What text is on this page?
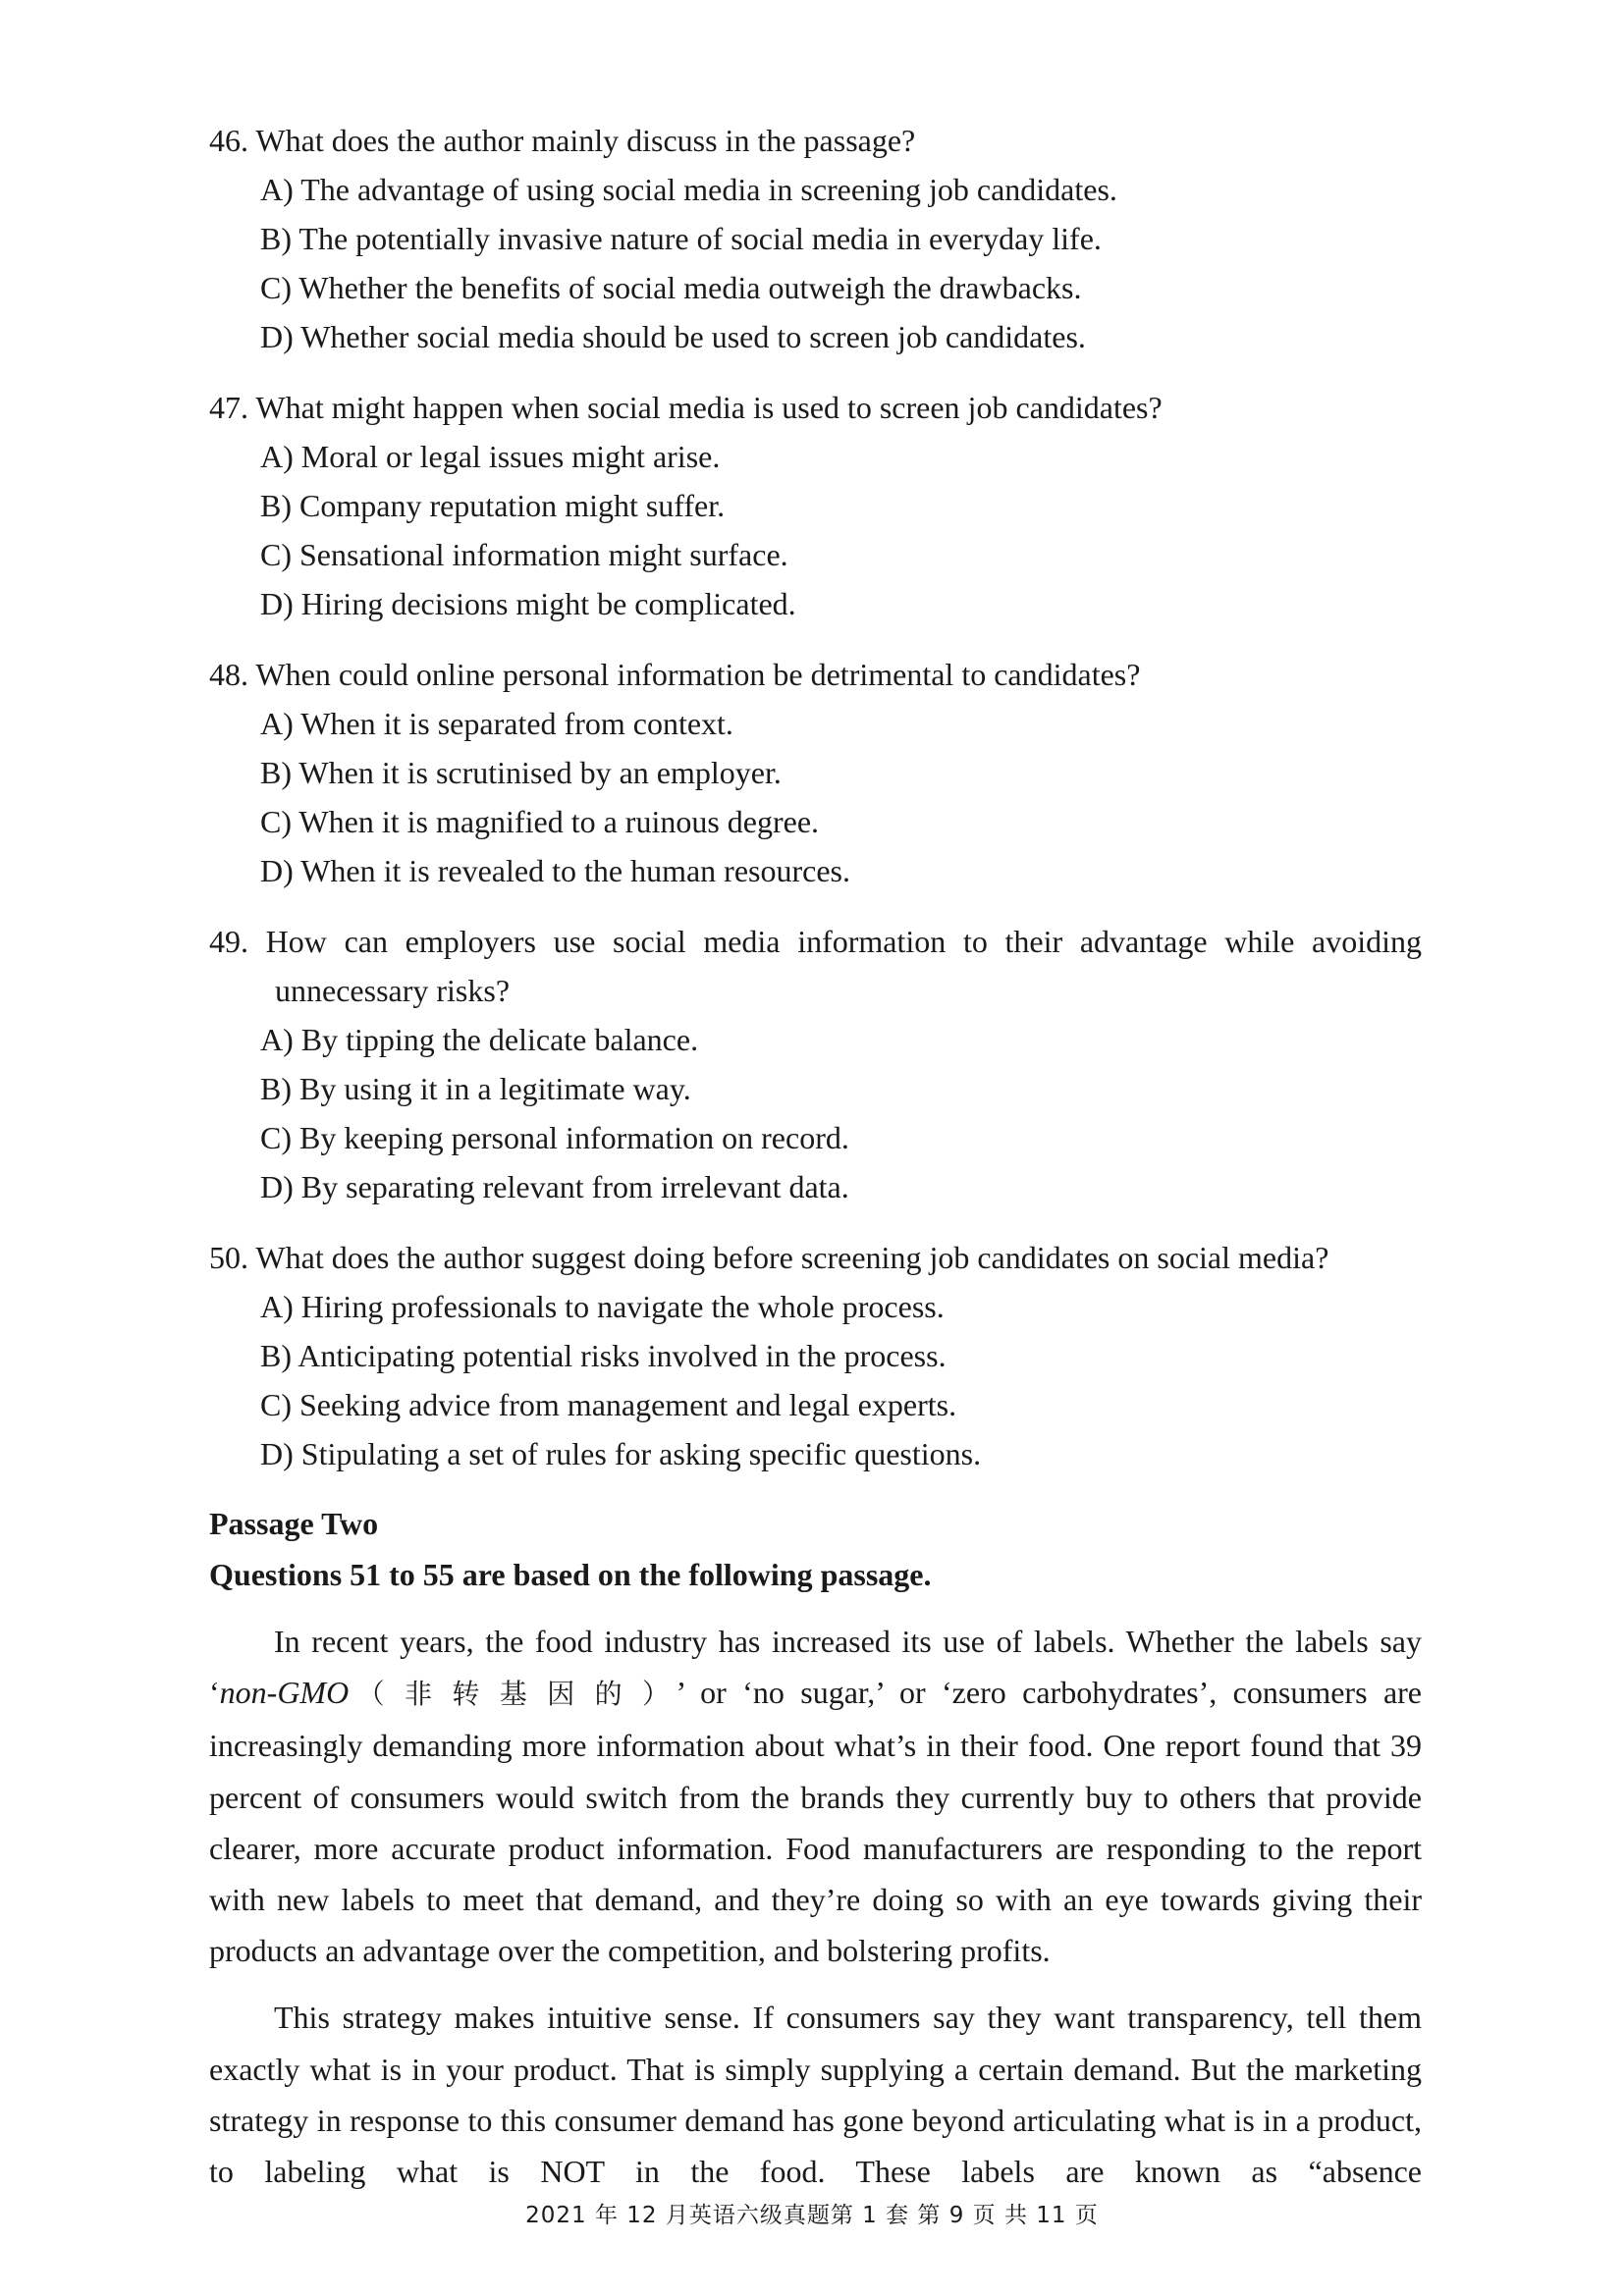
46. What does the author mainly discuss in the passage?

A) The advantage of using social media in screening job candidates.

B) The potentially invasive nature of social media in everyday life.

C) Whether the benefits of social media outweigh the drawbacks.

D) Whether social media should be used to screen job candidates.

47. What might happen when social media is used to screen job candidates?

A) Moral or legal issues might arise.

B) Company reputation might suffer.

C) Sensational information might surface.

D) Hiring decisions might be complicated.

48. When could online personal information be detrimental to candidates?

A) When it is separated from context.

B) When it is scrutinised by an employer.

C) When it is magnified to a ruinous degree.

D) When it is revealed to the human resources.

49. How can employers use social media information to their advantage while avoiding

unnecessary risks?

A) By tipping the delicate balance.

B) By using it in a legitimate way.

C) By keeping personal information on record.

D) By separating relevant from irrelevant data.

50. What does the author suggest doing before screening job candidates on social media?

A) Hiring professionals to navigate the whole process.

B) Anticipating potential risks involved in the process.

C) Seeking advice from management and legal experts.

D) Stipulating a set of rules for asking specific questions.

Passage Two

Questions 51 to 55 are based on the following passage.

In recent years, the food industry has increased its use of labels. Whether the labels say ‘non-GMO（非转基因的）’ or ‘no sugar,’ or ‘zero carbohydrates’, consumers are increasingly demanding more information about what’s in their food. One report found that 39 percent of consumers would switch from the brands they currently buy to others that provide clearer, more accurate product information. Food manufacturers are responding to the report with new labels to meet that demand, and they’re doing so with an eye towards giving their products an advantage over the competition, and bolstering profits.

This strategy makes intuitive sense. If consumers say they want transparency, tell them exactly what is in your product. That is simply supplying a certain demand. But the marketing strategy in response to this consumer demand has gone beyond articulating what is in a product, to labeling what is NOT in the food. These labels are known as “absence

2021 年 12 月英语六级真题第 1 套 第 9 页 共 11 页
